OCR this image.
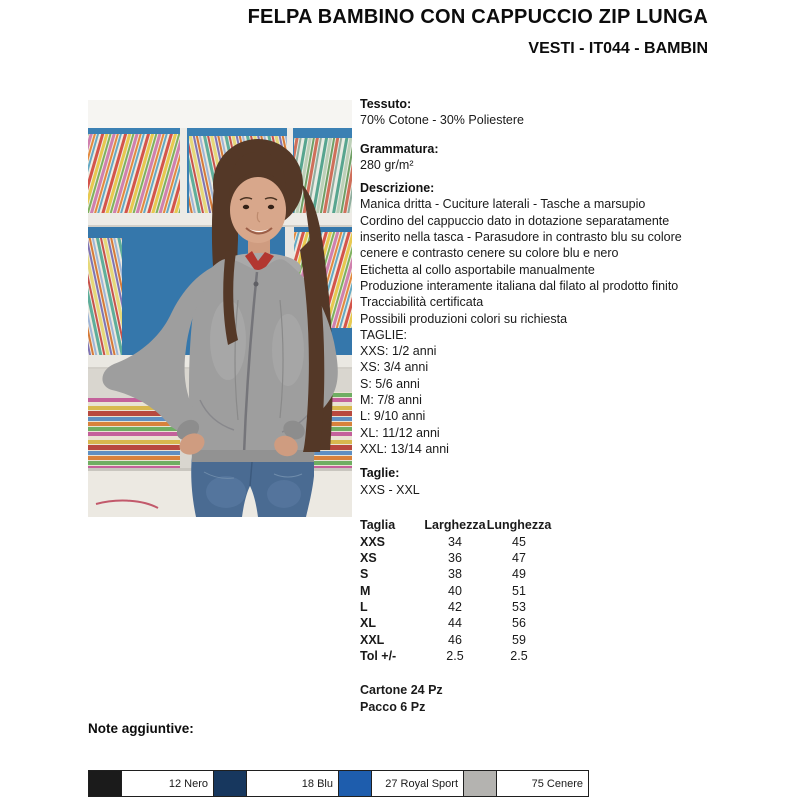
FELPA BAMBINO CON CAPPUCCIO ZIP LUNGA
VESTI - IT044 - BAMBIN
Tessuto:
70% Cotone - 30% Poliestere
Grammatura:
280 gr/m²
Descrizione:
Manica dritta - Cuciture laterali - Tasche a marsupio
Cordino del cappuccio dato in dotazione separatamente
inserito nella tasca - Parasudore in contrasto blu su colore
cenere e contrasto cenere su colore blu e nero
Etichetta al collo asportabile manualmente
Produzione interamente italiana dal filato al prodotto finito
Tracciabilità certificata
Possibili produzioni colori su richiesta
TAGLIE:
XXS: 1/2 anni
XS: 3/4 anni
S: 5/6 anni
M: 7/8 anni
L: 9/10 anni
XL: 11/12 anni
XXL: 13/14 anni
Taglie:
XXS - XXL
Taglia	Larghezza	Lunghezza
XXS	34	45
XS	36	47
S	38	49
M	40	51
L	42	53
XL	44	56
XXL	46	59
Tol +/-	2.5	2.5
Cartone 24 Pz
Pacco 6 Pz
Note aggiuntive:
	12 Nero		18 Blu		27 Royal Sport		75 Cenere
